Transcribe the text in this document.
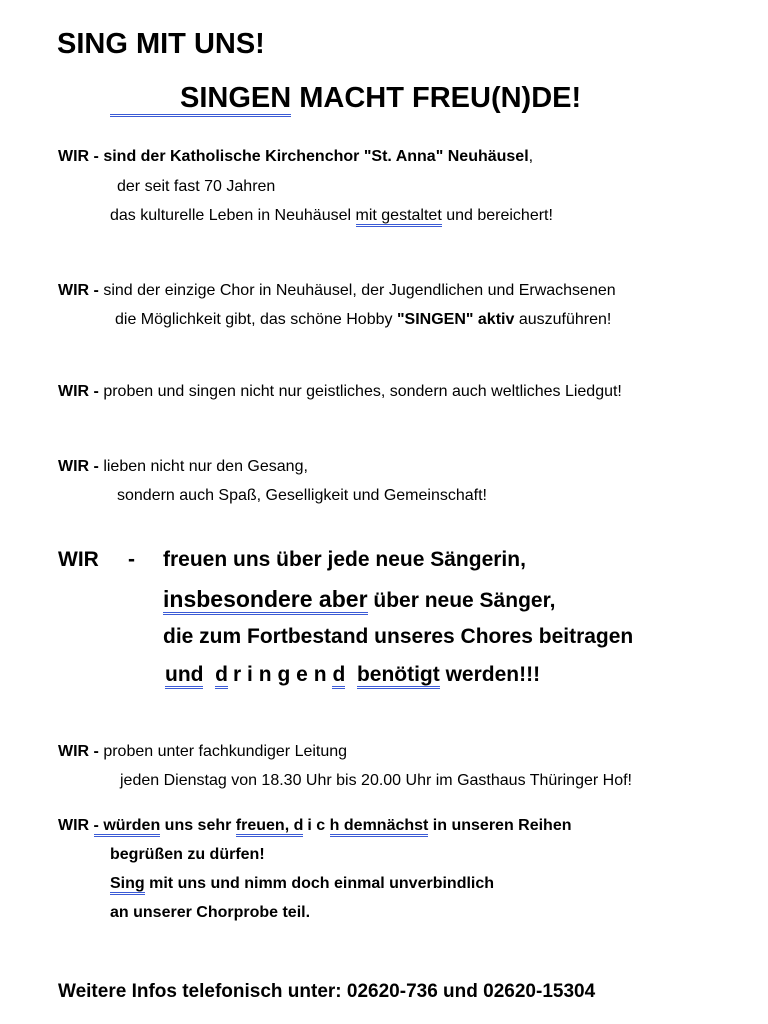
SING MIT UNS!
SINGEN MACHT FREU(N)DE!
WIR - sind der Katholische Kirchenchor "St. Anna" Neuhäusel,
der seit fast 70 Jahren
das kulturelle Leben in Neuhäusel mit gestaltet und bereichert!
WIR - sind der einzige Chor in Neuhäusel, der Jugendlichen und Erwachsenen
die Möglichkeit gibt, das schöne Hobby "SINGEN" aktiv auszuführen!
WIR - proben und singen nicht nur geistliches, sondern auch weltliches Liedgut!
WIR - lieben nicht nur den Gesang,
sondern auch Spaß, Geselligkeit und Gemeinschaft!
WIR - freuen uns über jede neue Sängerin,
insbesondere aber über neue Sänger,
die zum Fortbestand unseres Chores beitragen
und d ringend benötigt werden!!!
WIR - proben unter fachkundiger Leitung
jeden Dienstag von 18.30 Uhr bis 20.00 Uhr im Gasthaus Thüringer Hof!
WIR - würden uns sehr freuen, d ich demnächst in unseren Reihen
begrüßen zu dürfen!
Sing mit uns und nimm doch einmal unverbindlich
an unserer Chorprobe teil.
Weitere Infos telefonisch unter: 02620-736 und 02620-15304
